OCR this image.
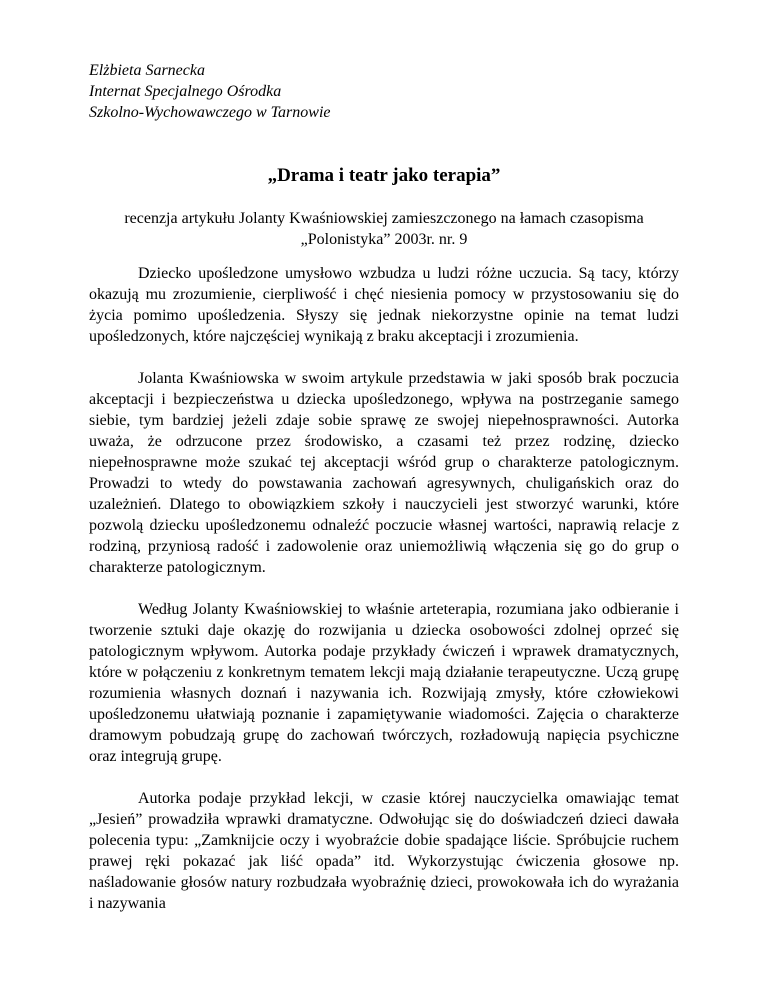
Elżbieta Sarnecka
Internat Specjalnego Ośrodka
Szkolno-Wychowawczego w Tarnowie
„Drama i teatr jako terapia”
recenzja artykułu Jolanty Kwaśniowskiej zamieszczonego na łamach czasopisma „Polonistyka” 2003r. nr. 9

Dziecko upośledzone umysłowo wzbudza u ludzi różne uczucia. Są tacy, którzy okazują mu zrozumienie, cierpliwość i chęć niesienia pomocy w przystosowaniu się do życia pomimo upośledzenia. Słyszy się jednak niekorzystne opinie na temat ludzi upośledzonych, które najczęściej wynikają z braku akceptacji i zrozumienia.

Jolanta Kwaśniowska w swoim artykule przedstawia w jaki sposób brak poczucia akceptacji i bezpieczeństwa u dziecka upośledzonego, wpływa na postrzeganie samego siebie, tym bardziej jeżeli zdaje sobie sprawę ze swojej niepełnosprawności. Autorka uważa, że odrzucone przez środowisko, a czasami też przez rodzinę, dziecko niepełnosprawne może szukać tej akceptacji wśród grup o charakterze patologicznym. Prowadzi to wtedy do powstawania zachowań agresywnych, chuligańskich oraz do uzależnień. Dlatego to obowiązkiem szkoły i nauczycieli jest stworzyć warunki, które pozwolą dziecku upośledzonemu odnaleźć poczucie własnej wartości, naprawią relacje z rodziną, przyniosą radość i zadowolenie oraz uniemożliwią włączenia się go do grup o charakterze patologicznym.

Według Jolanty Kwaśniowskiej to właśnie arteterapia, rozumiana jako odbieranie i tworzenie sztuki daje okazję do rozwijania u dziecka osobowości zdolnej oprzeć się patologicznym wpływom. Autorka podaje przykłady ćwiczeń i wprawek dramatycznych, które w połączeniu z konkretnym tematem lekcji mają działanie terapeutyczne. Uczą grupę rozumienia własnych doznań i nazywania ich. Rozwijają zmysły, które człowiekowi upośledzonemu ułatwiają poznanie i zapamiętywanie wiadomości. Zajęcia o charakterze dramowym pobudzają grupę do zachowań twórczych, rozładowują napięcia psychiczne oraz integrują grupę.

Autorka podaje przykład lekcji, w czasie której nauczycielka omawiając temat „Jesień” prowadziła wprawki dramatyczne. Odwołując się do doświadczeń dzieci dawała polecenia typu: „Zamknijcie oczy i wyobraźcie dobie spadające liście. Spróbujcie ruchem prawej ręki pokazać jak liść opada” itd. Wykorzystując ćwiczenia głosowe np. naśladowanie głosów natury rozbudzała wyobraźnię dzieci, prowokowała ich do wyrażania i nazywania
